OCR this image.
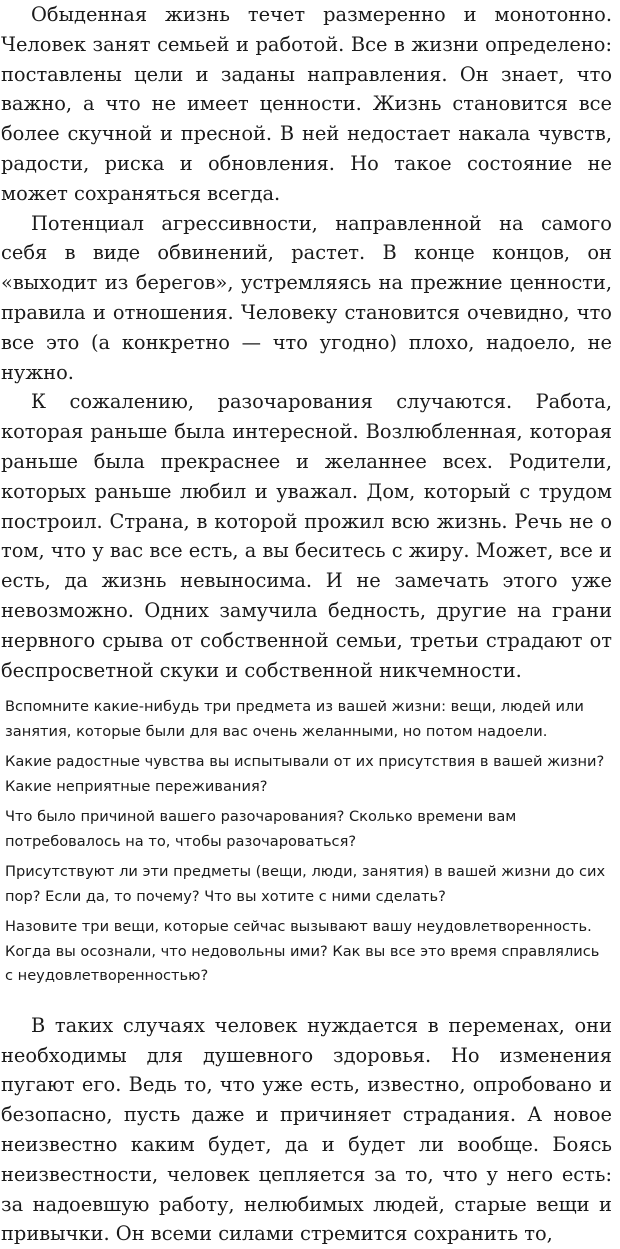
Обыденная жизнь течет размеренно и монотонно. Человек занят семьей и работой. Все в жизни определено: поставлены цели и заданы направления. Он знает, что важно, а что не имеет ценности. Жизнь становится все более скучной и пресной. В ней недостает накала чувств, радости, риска и обновления. Но такое состояние не может сохраняться всегда.

Потенциал агрессивности, направленной на самого себя в виде обвинений, растет. В конце концов, он «выходит из берегов», устремляясь на прежние ценности, правила и отношения. Человеку становится очевидно, что все это (а конкретно — что угодно) плохо, надоело, не нужно.

К сожалению, разочарования случаются. Работа, которая раньше была интересной. Возлюбленная, которая раньше была прекраснее и желаннее всех. Родители, которых раньше любил и уважал. Дом, который с трудом построил. Страна, в которой прожил всю жизнь. Речь не о том, что у вас все есть, а вы беситесь с жиру. Может, все и есть, да жизнь невыносима. И не замечать этого уже невозможно. Одних замучила бедность, другие на грани нервного срыва от собственной семьи, третьи страдают от беспросветной скуки и собственной никчемности.

Вспомните какие-нибудь три предмета из вашей жизни: вещи, людей или занятия, которые были для вас очень желанными, но потом надоели.

Какие радостные чувства вы испытывали от их присутствия в вашей жизни? Какие неприятные переживания?

Что было причиной вашего разочарования? Сколько времени вам потребовалось на то, чтобы разочароваться?

Присутствуют ли эти предметы (вещи, люди, занятия) в вашей жизни до сих пор? Если да, то почему? Что вы хотите с ними сделать?

Назовите три вещи, которые сейчас вызывают вашу неудовлетворенность. Когда вы осознали, что недовольны ими? Как вы все это время справлялись с неудовлетворенностью?

В таких случаях человек нуждается в переменах, они необходимы для душевного здоровья. Но изменения пугают его. Ведь то, что уже есть, известно, опробовано и безопасно, пусть даже и причиняет страдания. А новое неизвестно каким будет, да и будет ли вообще. Боясь неизвестности, человек цепляется за то, что у него есть: за надоевшую работу, нелюбимых людей, старые вещи и привычки. Он всеми силами стремится сохранить то,
